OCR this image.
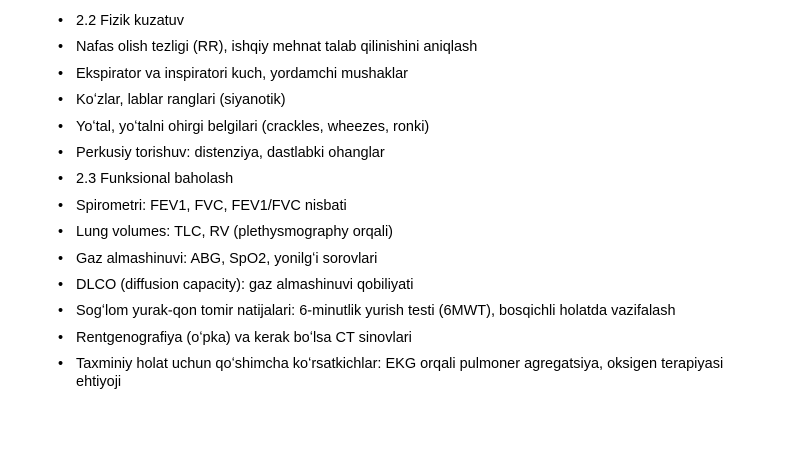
• 2.2 Fizik kuzatuv
• Nafas olish tezligi (RR), ishqiy mehnat talab qilinishini aniqlash
• Ekspirator va inspiratori kuch, yordamchi mushaklar
• Koʻzlar, lablar ranglari (siyanotik)
• Yoʻtal, yoʻtalni ohirgi belgilari (crackles, wheezes, ronki)
• Perkusiy torishuv: distenziya, dastlabki ohanglar
• 2.3 Funksional baholash
• Spirometri: FEV1, FVC, FEV1/FVC nisbati
• Lung volumes: TLC, RV (plethysmography orqali)
• Gaz almashinuvi: ABG, SpO2, yonilgʻi sorovlari
• DLCO (diffusion capacity): gaz almashinuvi qobiliyati
• Sogʻlom yurak-qon tomir natijalari: 6-minutlik yurish testi (6MWT), bosqichli holatda vazifalash
• Rentgenografiya (oʻpka) va kerak boʻlsa CT sinovlari
• Taxminiy holat uchun qoʻshimcha koʻrsatkichlar: EKG orqali pulmoner agregatsiya, oksigen terapiyasi ehtiyoji
